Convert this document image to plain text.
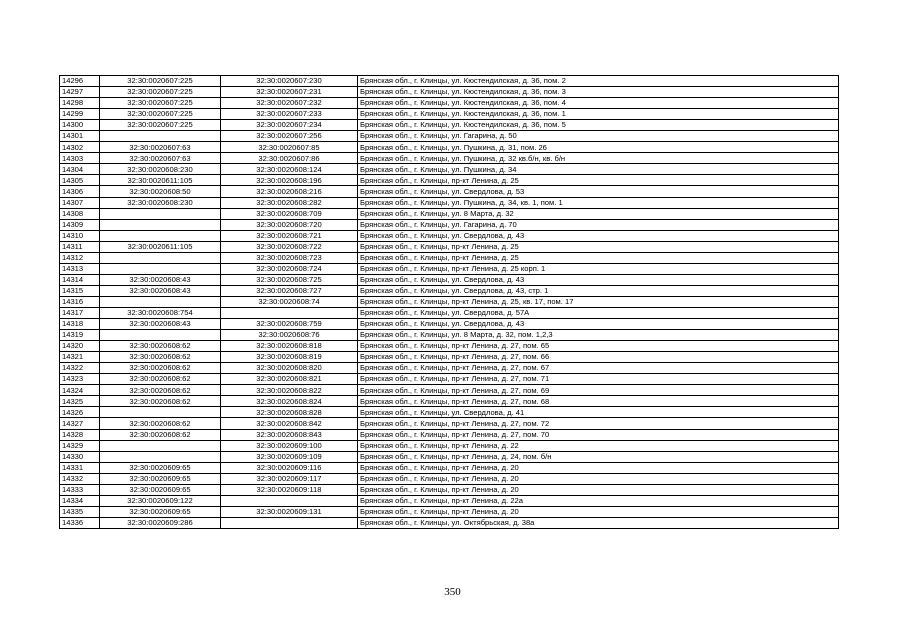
14296	32:30:0020607:225	32:30:0020607:230	Брянская обл., г. Клинцы, ул. Кюстендилская, д. 36, пом. 2
14297	32:30:0020607:225	32:30:0020607:231	Брянская обл., г. Клинцы, ул. Кюстендилская, д. 36, пом. 3
14298	32:30:0020607:225	32:30:0020607:232	Брянская обл., г. Клинцы, ул. Кюстендилская, д. 36, пом. 4
14299	32:30:0020607:225	32:30:0020607:233	Брянская обл., г. Клинцы, ул. Кюстендилская, д. 36, пом. 1
14300	32:30:0020607:225	32:30:0020607:234	Брянская обл., г. Клинцы, ул. Кюстендилская, д. 36, пом. 5
14301		32:30:0020607:256	Брянская обл., г. Клинцы, ул. Гагарина, д. 50
14302	32:30:0020607:63	32:30:0020607:85	Брянская обл., г. Клинцы, ул. Пушкина, д. 31, пом. 26
14303	32:30:0020607:63	32:30:0020607:86	Брянская обл., г. Клинцы, ул. Пушкина, д. 32 кв.б/н, кв. б/н
14304	32:30:0020608:230	32:30:0020608:124	Брянская обл., г. Клинцы, ул. Пушкина, д. 34
14305	32:30:0020611:105	32:30:0020608:196	Брянская обл., г. Клинцы, пр-кт Ленина, д. 25
14306	32:30:0020608:50	32:30:0020608:216	Брянская обл., г. Клинцы, ул. Свердлова, д. 53
14307	32:30:0020608:230	32:30:0020608:282	Брянская обл., г. Клинцы, ул. Пушкина, д. 34, кв. 1, пом. 1
14308		32:30:0020608:709	Брянская обл., г. Клинцы, ул. 8 Марта, д. 32
14309		32:30:0020608:720	Брянская обл., г. Клинцы, ул. Гагарина, д. 70
14310		32:30:0020608:721	Брянская обл., г. Клинцы, ул. Свердлова, д. 43
14311	32:30:0020611:105	32:30:0020608:722	Брянская обл., г. Клинцы, пр-кт Ленина, д. 25
14312		32:30:0020608:723	Брянская обл., г. Клинцы, пр-кт Ленина, д. 25
14313		32:30:0020608:724	Брянская обл., г. Клинцы, пр-кт Ленина, д. 25 корп. 1
14314	32:30:0020608:43	32:30:0020608:725	Брянская обл., г. Клинцы, ул. Свердлова, д. 43
14315	32:30:0020608:43	32:30:0020608:727	Брянская обл., г. Клинцы, ул. Свердлова, д. 43, стр. 1
14316		32:30:0020608:74	Брянская обл., г. Клинцы, пр-кт Ленина, д. 25, кв. 17, пом. 17
14317	32:30:0020608:754		Брянская обл., г. Клинцы, ул. Свердлова, д. 57А
14318	32:30:0020608:43	32:30:0020608:759	Брянская обл., г. Клинцы, ул. Свердлова, д. 43
14319		32:30:0020608:76	Брянская обл., г. Клинцы, ул. 8 Марта, д. 32, пом. 1,2,3
14320	32:30:0020608:62	32:30:0020608:818	Брянская обл., г. Клинцы, пр-кт Ленина, д. 27, пом. 65
14321	32:30:0020608:62	32:30:0020608:819	Брянская обл., г. Клинцы, пр-кт Ленина, д. 27, пом. 66
14322	32:30:0020608:62	32:30:0020608:820	Брянская обл., г. Клинцы, пр-кт Ленина, д. 27, пом. 67
14323	32:30:0020608:62	32:30:0020608:821	Брянская обл., г. Клинцы, пр-кт Ленина, д. 27, пом. 71
14324	32:30:0020608:62	32:30:0020608:822	Брянская обл., г. Клинцы, пр-кт Ленина, д. 27, пом. 69
14325	32:30:0020608:62	32:30:0020608:824	Брянская обл., г. Клинцы, пр-кт Ленина, д. 27, пом. 68
14326		32:30:0020608:828	Брянская обл., г. Клинцы, ул. Свердлова, д. 41
14327	32:30:0020608:62	32:30:0020608:842	Брянская обл., г. Клинцы, пр-кт Ленина, д. 27, пом. 72
14328	32:30:0020608:62	32:30:0020608:843	Брянская обл., г. Клинцы, пр-кт Ленина, д. 27, пом. 70
14329		32:30:0020609:100	Брянская обл., г. Клинцы, пр-кт Ленина, д. 22
14330		32:30:0020609:109	Брянская обл., г. Клинцы, пр-кт Ленина, д. 24, пом. б/н
14331	32:30:0020609:65	32:30:0020609:116	Брянская обл., г. Клинцы, пр-кт Ленина, д. 20
14332	32:30:0020609:65	32:30:0020609:117	Брянская обл., г. Клинцы, пр-кт Ленина, д. 20
14333	32:30:0020609:65	32:30:0020609:118	Брянская обл., г. Клинцы, пр-кт Ленина, д. 20
14334	32:30:0020609:122		Брянская обл., г. Клинцы, пр-кт Ленина, д. 22а
14335	32:30:0020609:65	32:30:0020609:131	Брянская обл., г. Клинцы, пр-кт Ленина, д. 20
14336	32:30:0020609:286		Брянская обл., г. Клинцы, ул. Октябрьская, д. 38а
350
